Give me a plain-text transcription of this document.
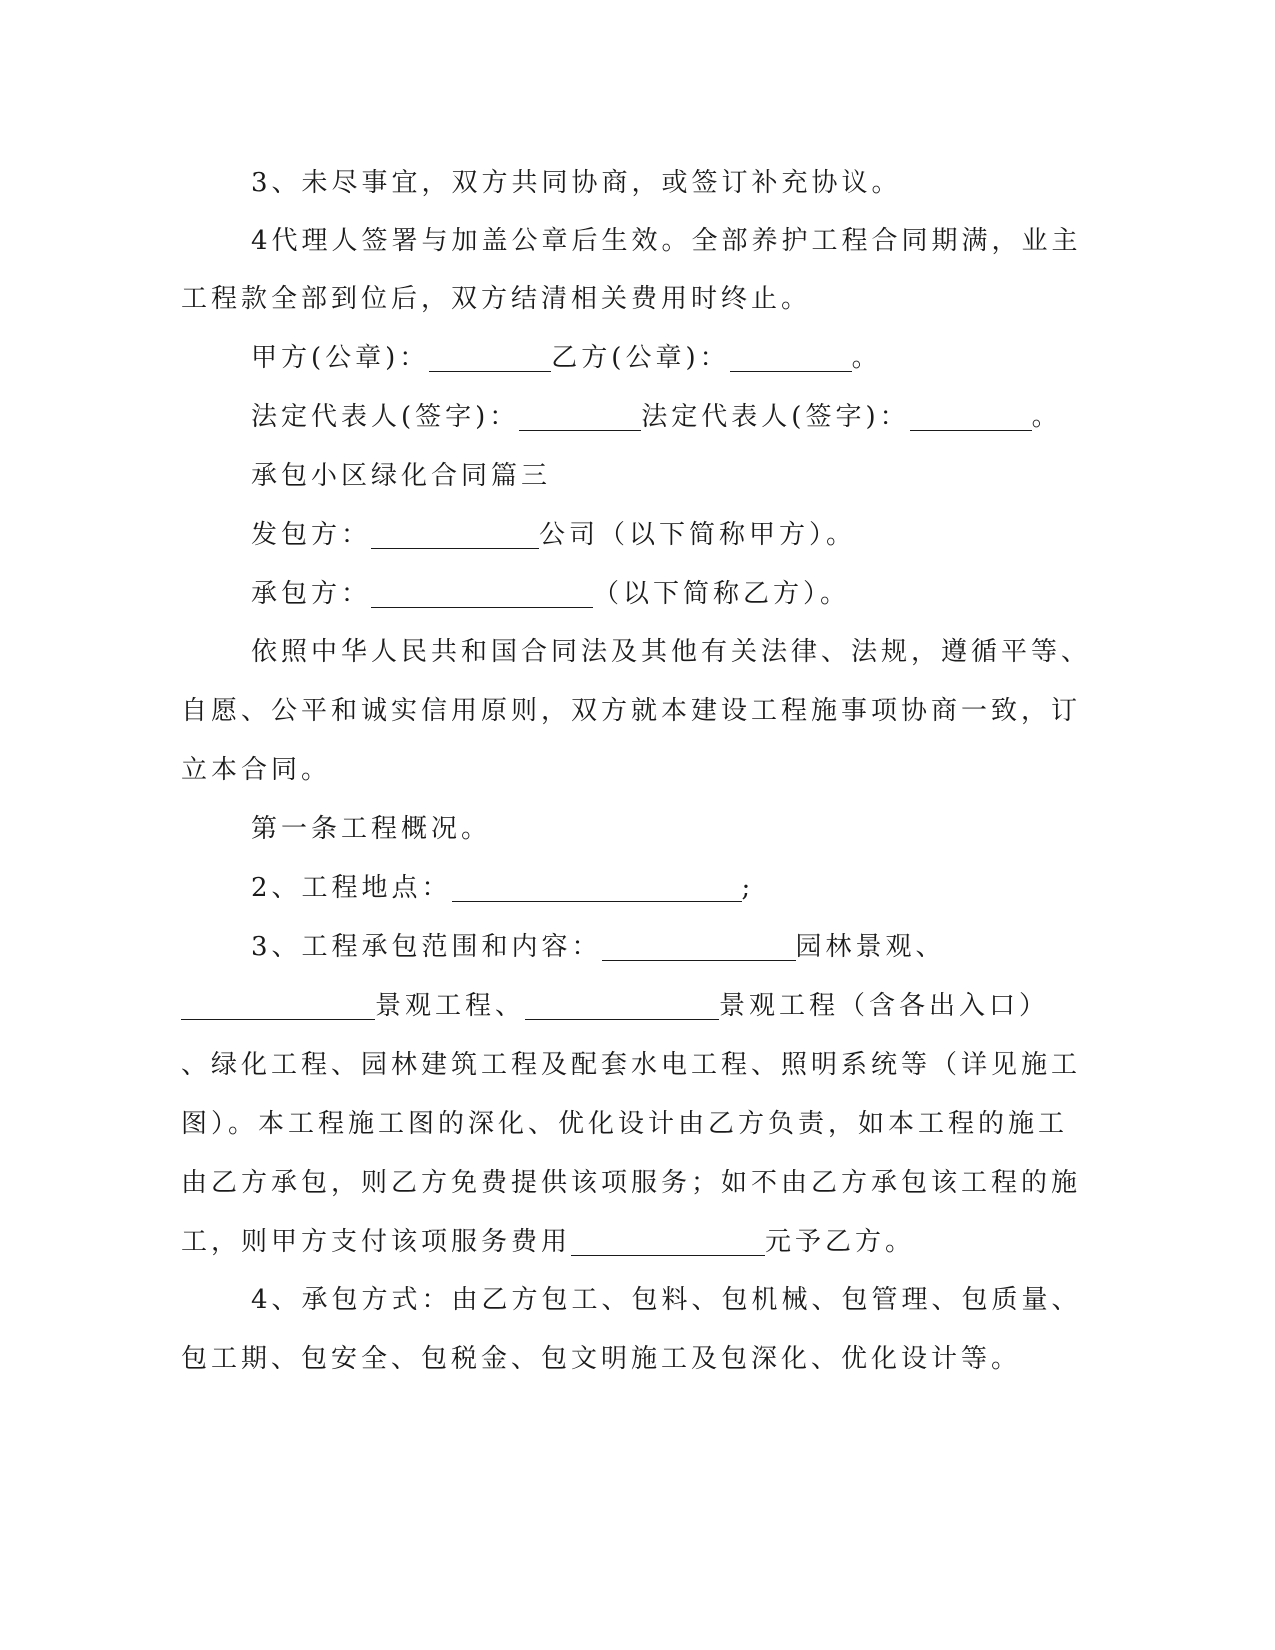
3、未尽事宜，双方共同协商，或签订补充协议。

4代理人签署与加盖公章后生效。全部养护工程合同期满，业主

工程款全部到位后，双方结清相关费用时终止。

甲方(公章)：	乙方(公章)：	。

法定代表人(签字)：	法定代表人(签字)：	。

承包小区绿化合同篇三

发包方：	公司（以下简称甲方）。

承包方：	（以下简称乙方）。

依照中华人民共和国合同法及其他有关法律、法规，遵循平等、

自愿、公平和诚实信用原则，双方就本建设工程施事项协商一致，订

立本合同。

第一条工程概况。

2、工程地点：	;

3、工程承包范围和内容：	园林景观、

景观工程、	景观工程（含各出入口）

、绿化工程、园林建筑工程及配套水电工程、照明系统等（详见施工

图）。本工程施工图的深化、优化设计由乙方负责，如本工程的施工

由乙方承包，则乙方免费提供该项服务；如不由乙方承包该工程的施

工，则甲方支付该项服务费用	元予乙方。

4、承包方式：由乙方包工、包料、包机械、包管理、包质量、

包工期、包安全、包税金、包文明施工及包深化、优化设计等。
